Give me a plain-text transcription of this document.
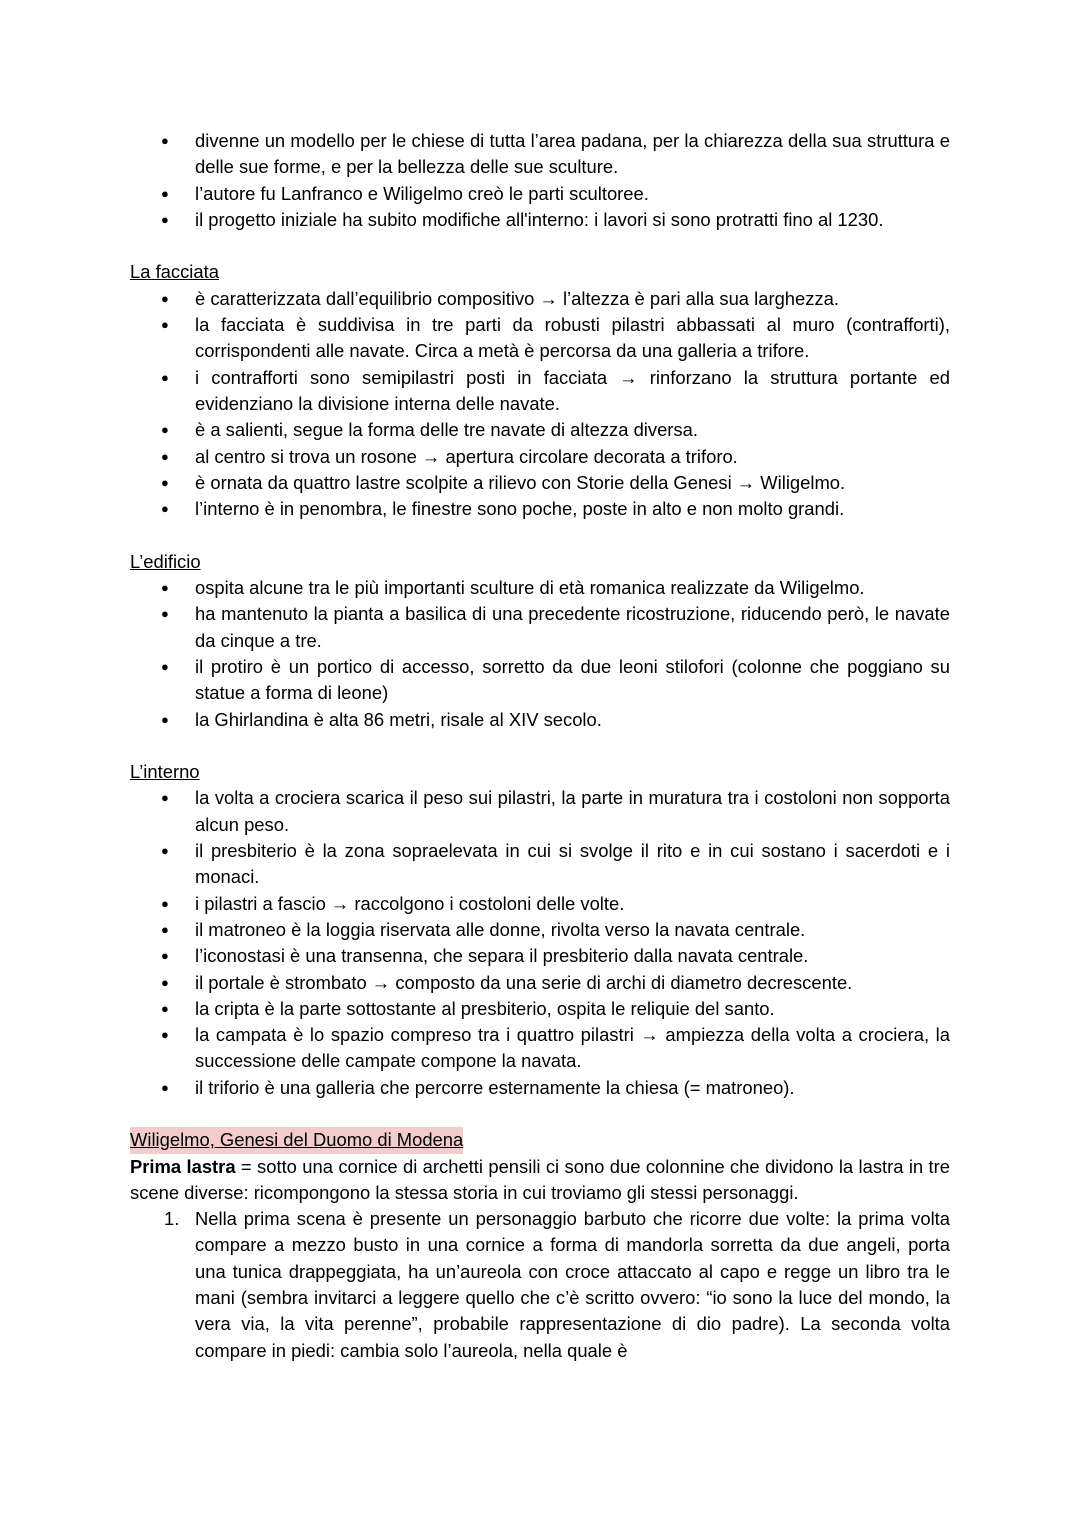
● divenne un modello per le chiese di tutta l’area padana, per la chiarezza della sua struttura e delle sue forme, e per la bellezza delle sue sculture.
● l’autore fu Lanfranco e Wiligelmo creò le parti scultoree.
● il progetto iniziale ha subito modifiche all'interno: i lavori si sono protratti fino al 1230.
La facciata
● è caratterizzata dall’equilibrio compositivo → l’altezza è pari alla sua larghezza.
● la facciata è suddivisa in tre parti da robusti pilastri abbassati al muro (contrafforti), corrispondenti alle navate. Circa a metà è percorsa da una galleria a trifore.
● i contrafforti sono semipilastri posti in facciata → rinforzano la struttura portante ed evidenziano la divisione interna delle navate.
● è a salienti, segue la forma delle tre navate di altezza diversa.
● al centro si trova un rosone → apertura circolare decorata a triforo.
● è ornata da quattro lastre scolpite a rilievo con Storie della Genesi → Wiligelmo.
● l’interno è in penombra, le finestre sono poche, poste in alto e non molto grandi.
L’edificio
● ospita alcune tra le più importanti sculture di età romanica realizzate da Wiligelmo.
● ha mantenuto la pianta a basilica di una precedente ricostruzione, riducendo però, le navate da cinque a tre.
● il protiro è un portico di accesso, sorretto da due leoni stilofori (colonne che poggiano su statue a forma di leone)
● la Ghirlandina è alta 86 metri, risale al XIV secolo.
L’interno
● la volta a crociera scarica il peso sui pilastri, la parte in muratura tra i costoloni non sopporta alcun peso.
● il presbiterio è la zona sopraelevata in cui si svolge il rito e in cui sostano i sacerdoti e i monaci.
● i pilastri a fascio → raccolgono i costoloni delle volte.
● il matroneo è la loggia riservata alle donne, rivolta verso la navata centrale.
● l’iconostasi è una transenna, che separa il presbiterio dalla navata centrale.
● il portale è strombato → composto da una serie di archi di diametro decrescente.
● la cripta è la parte sottostante al presbiterio, ospita le reliquie del santo.
● la campata è lo spazio compreso tra i quattro pilastri → ampiezza della volta a crociera, la successione delle campate compone la navata.
● il triforio è una galleria che percorre esternamente la chiesa (= matroneo).
Wiligelmo, Genesi del Duomo di Modena
Prima lastra = sotto una cornice di archetti pensili ci sono due colonnine che dividono la lastra in tre scene diverse: ricompongono la stessa storia in cui troviamo gli stessi personaggi.
1. Nella prima scena è presente un personaggio barbuto che ricorre due volte: la prima volta compare a mezzo busto in una cornice a forma di mandorla sorretta da due angeli, porta una tunica drappeggiata, ha un’aureola con croce attaccato al capo e regge un libro tra le mani (sembra invitarci a leggere quello che c’è scritto ovvero: “io sono la luce del mondo, la vera via, la vita perenne”, probabile rappresentazione di dio padre). La seconda volta compare in piedi: cambia solo l’aureola, nella quale è
